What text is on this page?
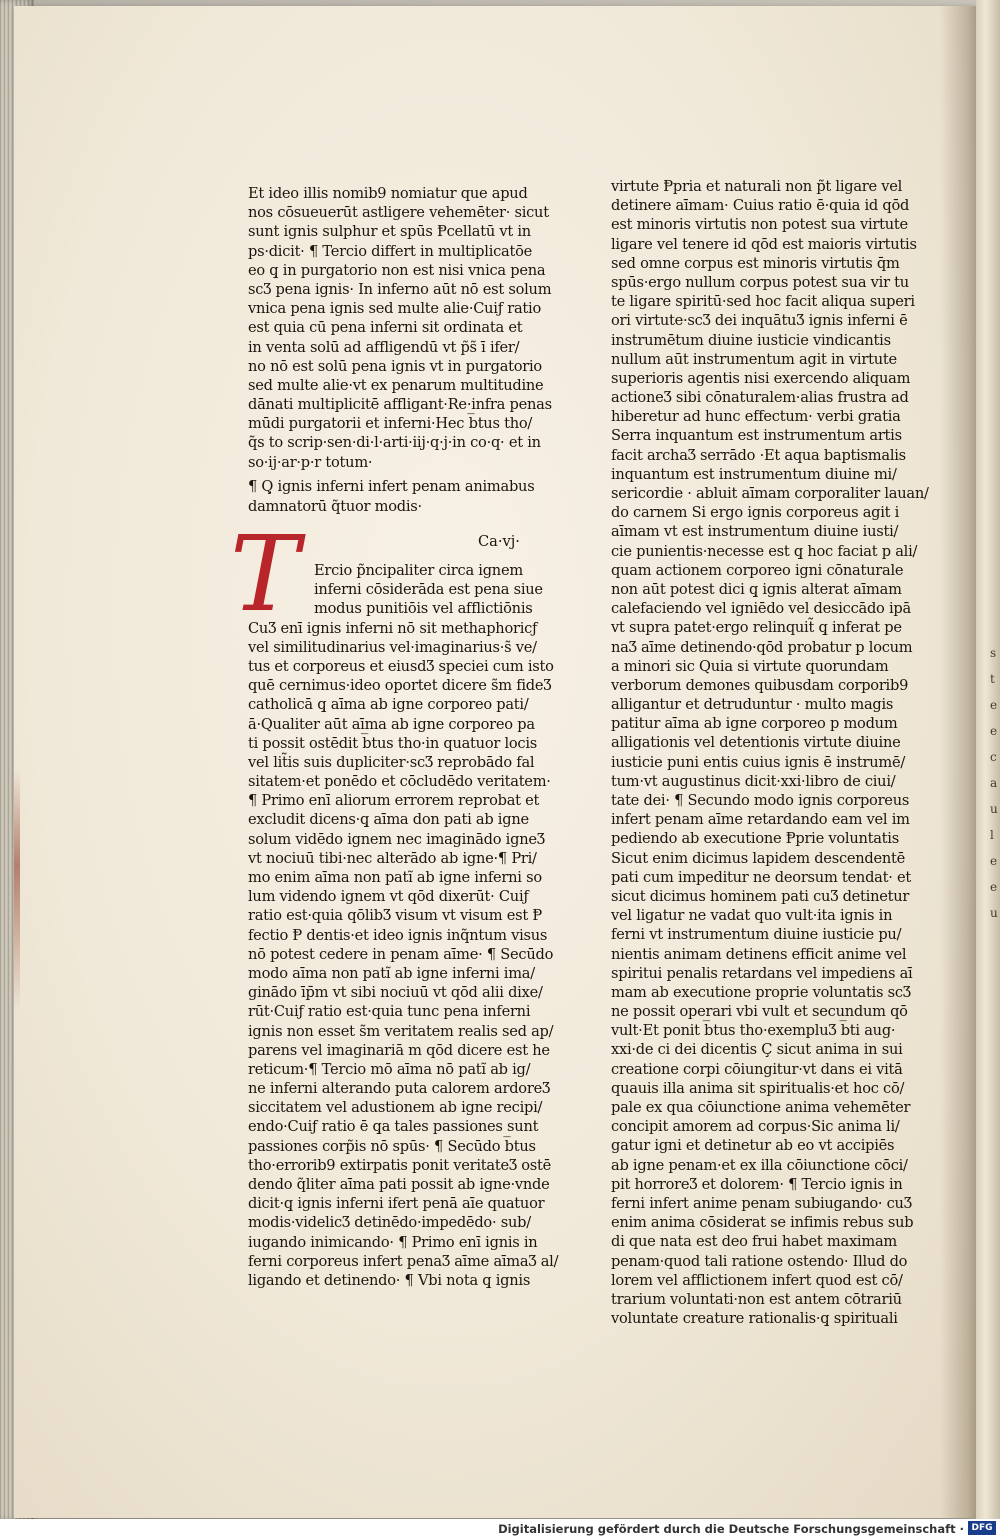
s
t
e
e
c
a
u
l
e
e
u
Et ideo illis nomib9 nomiatur que apud
nos cōsueuerūt astligere vehemēter· sicut
sunt ignis sulphur et spūs Ᵽcellatū vt in
ps·dicit· ¶ Tercio differt in multiplicatōe
eo q̧ in purgatorio non est nisi vnica pena
scƷ pena ignis· In inferno aūt nō est solum
vnica pena ignis sed multe alie·Cuiƒ ratio
est quia cū pena inferni sit ordinata et
in venta solū ad affligendū vt p̃s̃ ī ifer/
no nō est solū pena ignis vt in purgatorio
sed multe alie·vt ex penarum multitudine
dānati multiplicitē affligant·Re·infra penas
mūdi purgatorii et inferni·Hec b̅tus tho/
q̃s to scrip·sen·di·l·arti·iij·q·j·in co·q· et in
so·ij·ar·p·r totum·
¶ Q̧ ignis inferni infert penam animabus
damnatorū q̃tuor modis·
Ca·vj·
T	Ercio p̃ncipaliter circa ignem
inferni cōsiderāda est pena siue
modus punitiōis vel afflictiōnis
CuƷ enī ignis inferni nō sit methaphoricƒ
vel similitudinarius vel·imaginarius·s̃ ve/
tus et corporeus et eiusdƷ speciei cum isto
quē cernimus·ideo oportet dicere s̃m fideƷ
catholicā q̧ aīma ab igne corporeo pati/
ā·Qualiter aūt aīma ab igne corporeo pa
ti possit ostēdit b̅tus tho·in quatuor locis
vel lit̃is suis dupliciter·scƷ reprobādo fal
sitatem·et ponēdo et cōcludēdo veritatem·
¶ Primo enī aliorum errorem reprobat et
excludit dicens·q̧ aīma don pati ab igne
solum vidēdo ignem nec imaginādo igneƷ
vt nociuū tibi·nec alterādo ab igne·¶ Pri/
mo enim aīma non patĩ ab igne inferni so
lum videndo ignem vt qōd dixerūt· Cuiƒ
ratio est·quia qōlibƷ visum vt visum est Ᵽ
fectio Ᵽ dentis·et ideo ignis inq̃ntum visus
nō potest cedere in penam aīme· ¶ Secūdo
modo aīma non patĩ ab igne inferni ima/
ginādo īp̄m vt sibi nociuū vt qōd alii dixe/
rūt·Cuiƒ ratio est·quia tunc pena inferni
ignis non esset s̃m veritatem realis sed ap/
parens vel imaginariā m qōd dicere est he
reticum·¶ Tercio mō aīma nō patĩ ab ig/
ne inferni alterando puta calorem ardoreƷ
siccitatem vel adustionem ab igne recipi/
endo·Cuiƒ ratio ē q̧a tales passiones sunt
passiones corp̃is nō spūs· ¶ Secūdo b̅tus
tho·errorib9 extirpatis ponit veritateƷ ostē
dendo q̃liter aīma pati possit ab igne·vnde
dicit·q̧ ignis inferni ifert penā aīe quatuor
modis·videlicƷ detinēdo·impedēdo· sub/
iugando inimicando· ¶ Primo enī ignis in
ferni corporeus infert penaƷ aīme aīmaƷ al/
ligando et detinendo· ¶ Vbi nota q̧ ignis
virtute Ᵽpria et naturali non p̃t ligare vel
detinere aīmam· Cuius ratio ē·quia id qōd
est minoris virtutis non potest sua virtute
ligare vel tenere id qōd est maioris virtutis
sed omne corpus est minoris virtutis q̄m
spūs·ergo nullum corpus potest sua vir tu
te ligare spiritū·sed hoc facit aliqua superi
ori virtute·scƷ dei inquātuƷ ignis inferni ē
instrumētum diuine iusticie vindicantis
nullum aūt instrumentum agit in virtute
superioris agentis nisi exercendo aliquam
actioneƷ sibi cōnaturalem·alias frustra ad
hiberetur ad hunc effectum· verbi gratia
Serra inquantum est instrumentum artis
facit archaƷ serrādo ·Et aqua baptismalis
inquantum est instrumentum diuine mi/
sericordie · abluit aīmam corporaliter lauan/
do carnem Si ergo ignis corporeus agit i
aīmam vt est instrumentum diuine iusti/
cie punientis·necesse est q̧ hoc faciat p ali/
quam actionem corporeo igni cōnaturale
non aūt potest dici q̧ ignis alterat aīmam
calefaciendo vel igniēdo vel desiccādo ipā
vt supra patet·ergo relinquit̃ q̧ inferat pe
naƷ aīme detinendo·qōd probatur p locum
a minori sic Quia si virtute quorundam
verborum demones quibusdam corporib9
alligantur et detruduntur · multo magis
patitur aīma ab igne corporeo p modum
alligationis vel detentionis virtute diuine
iusticie puni entis cuius ignis ē instrumē/
tum·vt augustinus dicit·xxi·libro de ciui/
tate dei· ¶ Secundo modo ignis corporeus
infert penam aīme retardando eam vel im
pediendo ab executione Ᵽprie voluntatis
Sicut enim dicimus lapidem descendentē
pati cum impeditur ne deorsum tendat· et
sicut dicimus hominem pati cuƷ detinetur
vel ligatur ne vadat quo vult·ita ignis in
ferni vt instrumentum diuine iusticie pu/
nientis animam detinens efficit anime vel
spiritui penalis retardans vel impediens aī
mam ab executione proprie voluntatis scƷ
ne possit operari vbi vult et secundum qō
vult·Et ponit b̅tus tho·exempluƷ b̅ti aug·
xxi·de ci dei dicentis Ç sicut anima in sui
creatione corpi cōiungitur·vt dans ei vitā
quauis illa anima sit spiritualis·et hoc cō/
pale ex qua cōiunctione anima vehemēter
concipit amorem ad corpus·Sic anima li/
gatur igni et detinetur ab eo vt accipiēs
ab igne penam·et ex illa cōiunctione cōci/
pit horroreƷ et dolorem· ¶ Tercio ignis in
ferni infert anime penam subiugando· cuƷ
enim anima cōsiderat se infimis rebus sub
di que nata est deo frui habet maximam
penam·quod tali ratione ostendo· Illud do
lorem vel afflictionem infert quod est cō/
trarium voluntati·non est antem cōtrariū
voluntate creature rationalis·q̧ spirituali
Digitalisierung gefördert durch die Deutsche Forschungsgemeinschaft · DFG
